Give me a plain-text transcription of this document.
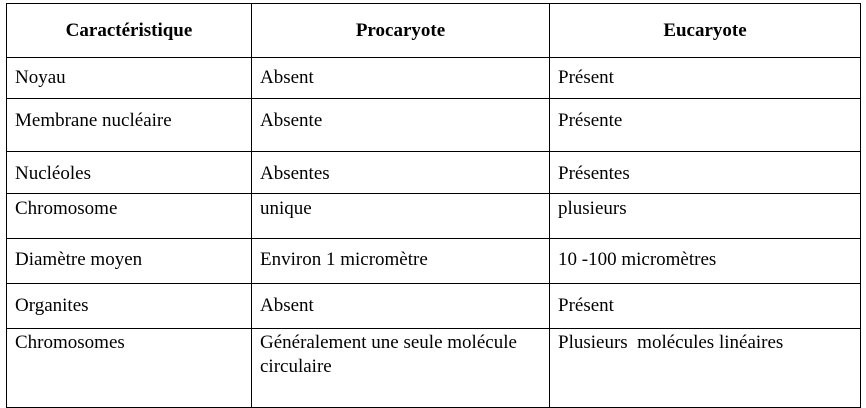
Caractéristique	Procaryote	Eucaryote
Noyau	Absent	Présent
Membrane nucléaire	Absente	Présente
Nucléoles	Absentes	Présentes
Chromosome	unique	plusieurs
Diamètre moyen	Environ 1 micromètre	10 -100 micromètres
Organites	Absent	Présent
Chromosomes	Généralement une seule molécule circulaire	Plusieurs  molécules linéaires
